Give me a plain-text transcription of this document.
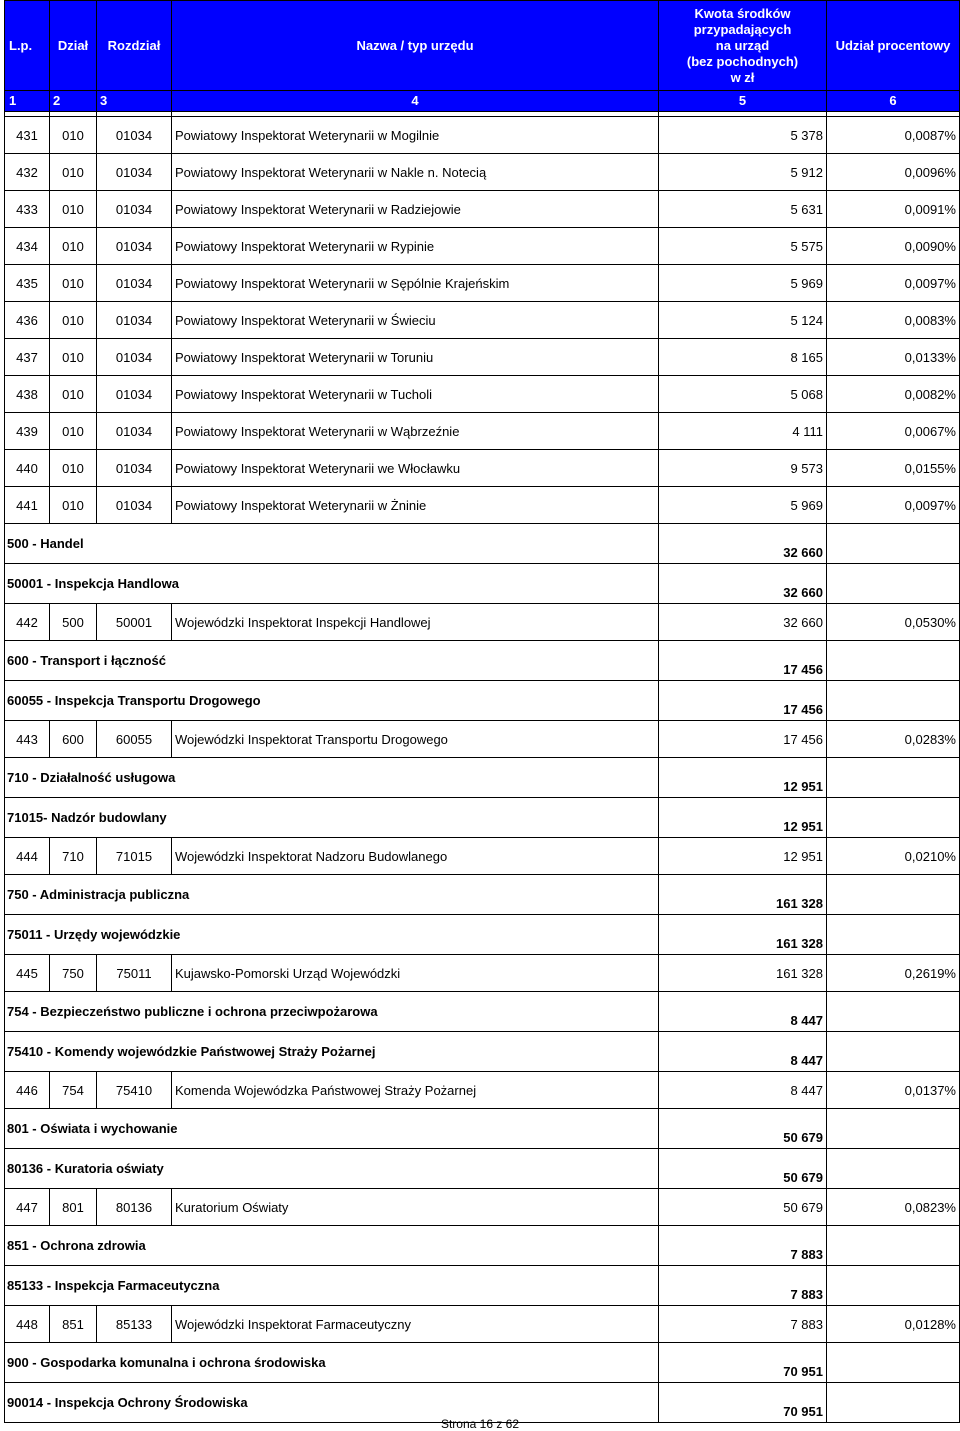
L.p.	Dział	Rozdział	Nazwa / typ urzędu	Kwota środków
przypadających
na urząd
(bez pochodnych)
w zł	Udział procentowy
1	2	3	4	5	6

431	010	01034	Powiatowy Inspektorat Weterynarii w Mogilnie	5 378	0,0087%
432	010	01034	Powiatowy Inspektorat Weterynarii w Nakle n. Notecią	5 912	0,0096%
433	010	01034	Powiatowy Inspektorat Weterynarii w Radziejowie	5 631	0,0091%
434	010	01034	Powiatowy Inspektorat Weterynarii w Rypinie	5 575	0,0090%
435	010	01034	Powiatowy Inspektorat Weterynarii w Sępólnie Krajeńskim	5 969	0,0097%
436	010	01034	Powiatowy Inspektorat Weterynarii w Świeciu	5 124	0,0083%
437	010	01034	Powiatowy Inspektorat Weterynarii w Toruniu	8 165	0,0133%
438	010	01034	Powiatowy Inspektorat Weterynarii w Tucholi	5 068	0,0082%
439	010	01034	Powiatowy Inspektorat Weterynarii w Wąbrzeźnie	4 111	0,0067%
440	010	01034	Powiatowy Inspektorat Weterynarii we Włocławku	9 573	0,0155%
441	010	01034	Powiatowy Inspektorat Weterynarii w Żninie	5 969	0,0097%
500 - Handel				32 660	
50001 - Inspekcja Handlowa				32 660	
442	500	50001	Wojewódzki Inspektorat Inspekcji Handlowej	32 660	0,0530%
600 - Transport i łączność				17 456	
60055 - Inspekcja Transportu Drogowego				17 456	
443	600	60055	Wojewódzki Inspektorat Transportu Drogowego	17 456	0,0283%
710 - Działalność usługowa				12 951	
71015- Nadzór budowlany				12 951	
444	710	71015	Wojewódzki Inspektorat Nadzoru Budowlanego	12 951	0,0210%
750 - Administracja publiczna				161 328	
75011 - Urzędy wojewódzkie				161 328	
445	750	75011	Kujawsko-Pomorski Urząd Wojewódzki	161 328	0,2619%
754 - Bezpieczeństwo publiczne i ochrona przeciwpożarowa				8 447	
75410 - Komendy wojewódzkie Państwowej Straży Pożarnej				8 447	
446	754	75410	Komenda Wojewódzka Państwowej Straży Pożarnej	8 447	0,0137%
801 - Oświata i wychowanie				50 679	
80136 - Kuratoria oświaty				50 679	
447	801	80136	Kuratorium Oświaty	50 679	0,0823%
851 - Ochrona zdrowia				7 883	
85133 - Inspekcja Farmaceutyczna				7 883	
448	851	85133	Wojewódzki Inspektorat Farmaceutyczny	7 883	0,0128%
900 - Gospodarka komunalna i ochrona środowiska				70 951	
90014 - Inspekcja Ochrony Środowiska				70 951	
Strona 16 z 62
